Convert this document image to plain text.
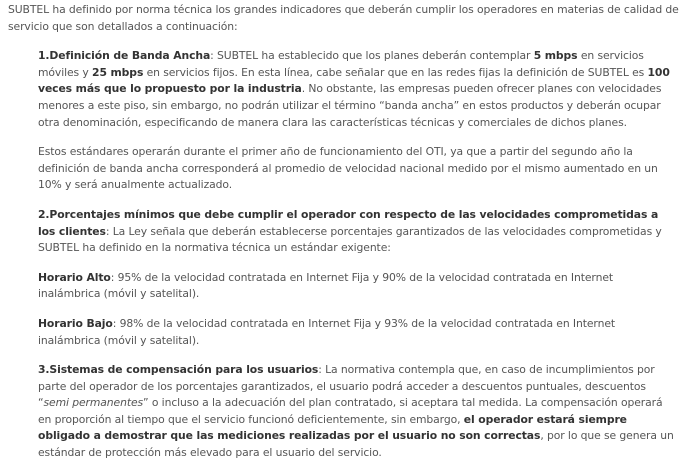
SUBTEL ha definido por norma técnica los grandes indicadores que deberán cumplir los operadores en materias de calidad de servicio que son detallados a continuación:

1.Definición de Banda Ancha: SUBTEL ha establecido que los planes deberán contemplar 5 mbps en servicios móviles y 25 mbps en servicios fijos. En esta línea, cabe señalar que en las redes fijas la definición de SUBTEL es 100 veces más que lo propuesto por la industria. No obstante, las empresas pueden ofrecer planes con velocidades menores a este piso, sin embargo, no podrán utilizar el término “banda ancha” en estos productos y deberán ocupar otra denominación, especificando de manera clara las características técnicas y comerciales de dichos planes.

Estos estándares operarán durante el primer año de funcionamiento del OTI, ya que a partir del segundo año la definición de banda ancha corresponderá al promedio de velocidad nacional medido por el mismo aumentado en un 10% y será anualmente actualizado.

2.Porcentajes mínimos que debe cumplir el operador con respecto de las velocidades comprometidas a los clientes: La Ley señala que deberán establecerse porcentajes garantizados de las velocidades comprometidas y SUBTEL ha definido en la normativa técnica un estándar exigente:

Horario Alto: 95% de la velocidad contratada en Internet Fija y 90% de la velocidad contratada en Internet inalámbrica (móvil y satelital).

Horario Bajo: 98% de la velocidad contratada en Internet Fija y 93% de la velocidad contratada en Internet inalámbrica (móvil y satelital).

3.Sistemas de compensación para los usuarios: La normativa contempla que, en caso de incumplimientos por parte del operador de los porcentajes garantizados, el usuario podrá acceder a descuentos puntuales, descuentos “semi permanentes” o incluso a la adecuación del plan contratado, si aceptara tal medida. La compensación operará en proporción al tiempo que el servicio funcionó deficientemente, sin embargo, el operador estará siempre obligado a demostrar que las mediciones realizadas por el usuario no son correctas, por lo que se genera un estándar de protección más elevado para el usuario del servicio.
